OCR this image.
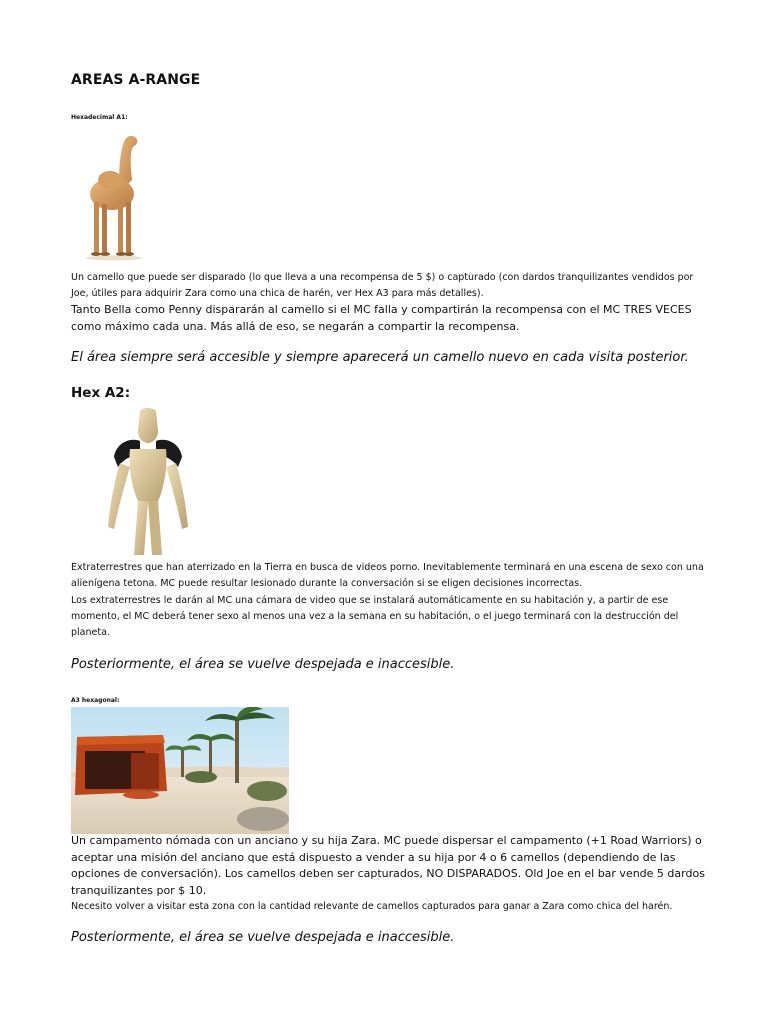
AREAS A-RANGE
Hexadecimal A1:
Un camello que puede ser disparado (lo que lleva a una recompensa de 5 $) o capturado (con dardos tranquilizantes vendidos por Joe, útiles para adquirir Zara como una chica de harén, ver Hex A3 para más detalles).
Tanto Bella como Penny dispararán al camello si el MC falla y compartirán la recompensa con el MC TRES VECES como máximo cada una. Más allá de eso, se negarán a compartir la recompensa.
El área siempre será accesible y siempre aparecerá un camello nuevo en cada visita posterior.
Hex A2:
Extraterrestres que han aterrizado en la Tierra en busca de videos porno. Inevitablemente terminará en una escena de sexo con una alienígena tetona. MC puede resultar lesionado durante la conversación si se eligen decisiones incorrectas.
Los extraterrestres le darán al MC una cámara de video que se instalará automáticamente en su habitación y, a partir de ese momento, el MC deberá tener sexo al menos una vez a la semana en su habitación, o el juego terminará con la destrucción del planeta.
Posteriormente, el área se vuelve despejada e inaccesible.
A3 hexagonal:
Un campamento nómada con un anciano y su hija Zara. MC puede dispersar el campamento (+1 Road Warriors) o aceptar una misión del anciano que está dispuesto a vender a su hija por 4 o 6 camellos (dependiendo de las opciones de conversación). Los camellos deben ser capturados, NO DISPARADOS. Old Joe en el bar vende 5 dardos tranquilizantes por $ 10.
Necesito volver a visitar esta zona con la cantidad relevante de camellos capturados para ganar a Zara como chica del harén.
Posteriormente, el área se vuelve despejada e inaccesible.
